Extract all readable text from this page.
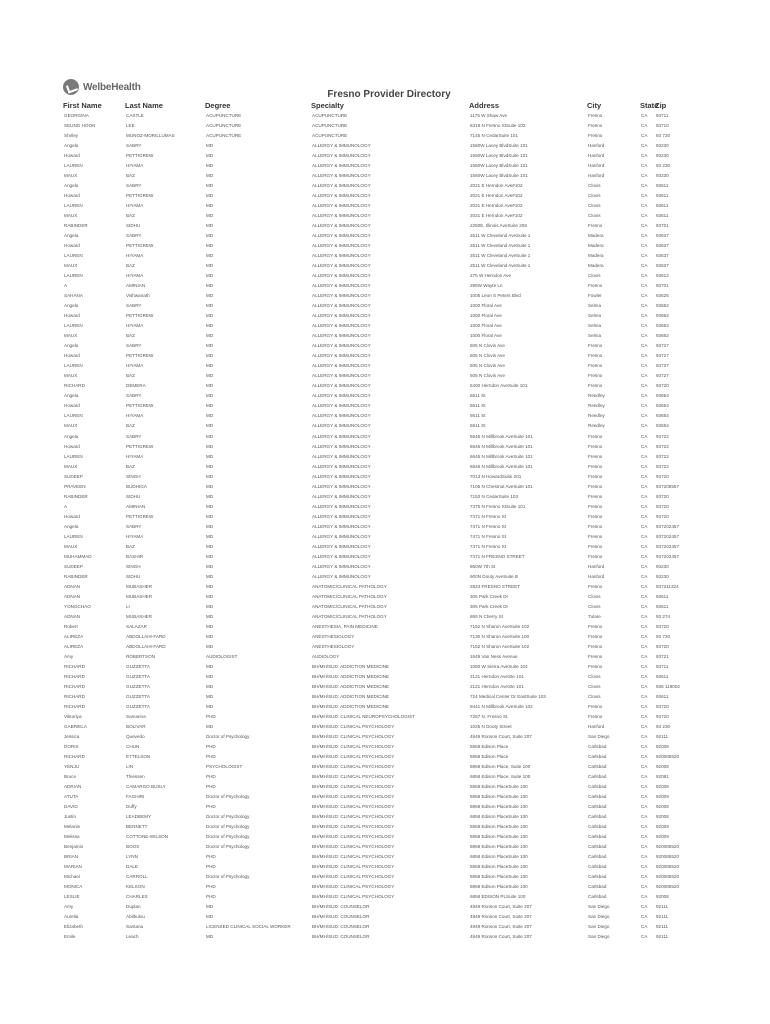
WelbeHealth
Fresno Provider Directory
First Name	Last Name	Degree	Specialty	Address	City	State	Zip
GEORGINA	CASTLE	ACUPUNCTURE	ACUPUNCTURE	1175 W Shaw Ave	Fresno	CA	93711
SEUNG HOON	LEE	ACUPUNCTURE	ACUPUNCTURE	6319 N Fresno StSuite 102	Fresno	CA	93710
Shirley	MUNOZ-MORILLUMAS	ACUPUNCTURE	ACUPUNCTURE	7145 N CedarSuite 101	Fresno	CA	93 720
Angela	SABRY	MD	ALLERGY & IMMUNOLOGY	1560W Lacey BlvdSuite 101	Hanford	CA	93230
Howard	PETTIGREW	MD	ALLERGY & IMMUNOLOGY	1560W Lacey BlvdSuite 101	Hanford	CA	93230
LAUREN	HIYAMA	MD	ALLERGY & IMMUNOLOGY	1560W Lacey BlvdSuite 101	Hanford	CA	93 230
MAUX	BAZ	MD	ALLERGY & IMMUNOLOGY	1560W Lacey BlvdSuite 101	Hanford	CA	93230
Angela	SABRY	MD	ALLERGY & IMMUNOLOGY	2021 E Herndon Ave#102	Clovis	CA	93611
Howard	PETTIGREW	MD	ALLERGY & IMMUNOLOGY	2021 E Herndon Ave#102	Clovis	CA	93611
LAUREN	HIYAMA	MD	ALLERGY & IMMUNOLOGY	2021 E Herndon Ave#102	Clovis	CA	93611
MAUX	BAZ	MD	ALLERGY & IMMUNOLOGY	2021 E Herndon Ave#102	Clovis	CA	93611
RABINDER	SIDHU	MD	ALLERGY & IMMUNOLOGY	2250E. Illinois AveSuite 206	Fresno	CA	93701
Angela	SABRY	MD	ALLERGY & IMMUNOLOGY	2511 W Cleveland AveSuite 1	Madera	CA	93637
Howard	PETTIGREW	MD	ALLERGY & IMMUNOLOGY	2511 W Cleveland AveSuite 1	Madera	CA	93637
LAUREN	HIYAMA	MD	ALLERGY & IMMUNOLOGY	2511 W Cleveland AveSuite 1	Madera	CA	93637
MAUX	BAZ	MD	ALLERGY & IMMUNOLOGY	2511 W Cleveland AveSuite 1	Madera	CA	93637
LAUREN	HIYAMA	MD	ALLERGY & IMMUNOLOGY	275 W Herndon Ave	Clovis	CA	93612
A	AMINIAN	MD	ALLERGY & IMMUNOLOGY	295W Wayte Ln	Fresno	CA	93701
SAHANA	Vishwanath	MD	ALLERGY & IMMUNOLOGY	1005 Leon S Peters Blvd	Fowler	CA	93625
Angela	SABRY	MD	ALLERGY & IMMUNOLOGY	1000 Floral Ave	Selma	CA	93662
Howard	PETTIGREW	MD	ALLERGY & IMMUNOLOGY	1000 Floral Ave	Selma	CA	93662
LAUREN	HIYAMA	MD	ALLERGY & IMMUNOLOGY	1000 Floral Ave	Selma	CA	93662
MAUX	BAZ	MD	ALLERGY & IMMUNOLOGY	1000 Floral Ave	Selma	CA	93662
Angela	SABRY	MD	ALLERGY & IMMUNOLOGY	505 N Clovis Ave	Fresno	CA	93727
Howard	PETTIGREW	MD	ALLERGY & IMMUNOLOGY	505 N Clovis Ave	Fresno	CA	93727
LAUREN	HIYAMA	MD	ALLERGY & IMMUNOLOGY	505 N Clovis Ave	Fresno	CA	93727
MAUX	BAZ	MD	ALLERGY & IMMUNOLOGY	505 N Clovis Ave	Fresno	CA	93727
RICHARD	DEMERA	MD	ALLERGY & IMMUNOLOGY	5400 Herndon AveSuite 101	Fresno	CA	93720
Angela	SABRY	MD	ALLERGY & IMMUNOLOGY	5611 St	Reedley	CA	93654
Howard	PETTIGREW	MD	ALLERGY & IMMUNOLOGY	5611 St	Reedley	CA	93654
LAUREN	HIYAMA	MD	ALLERGY & IMMUNOLOGY	5611 St	Reedley	CA	93654
MAUX	BAZ	MD	ALLERGY & IMMUNOLOGY	5611 St	Reedley	CA	93654
Angela	SABRY	MD	ALLERGY & IMMUNOLOGY	6645 N Millbrook AveSuite 101	Fresno	CA	93722
Howard	PETTIGREW	MD	ALLERGY & IMMUNOLOGY	6645 N Millbrook AveSuite 101	Fresno	CA	93722
LAUREN	HIYAMA	MD	ALLERGY & IMMUNOLOGY	6645 N Millbrook AveSuite 101	Fresno	CA	93722
MAUX	BAZ	MD	ALLERGY & IMMUNOLOGY	6645 N Millbrook AveSuite 101	Fresno	CA	93722
SUDEEP	SINGH	MD	ALLERGY & IMMUNOLOGY	7013 N HowardSuite 201	Fresno	CA	93720
PRAVEEN	BUDHIGA	MD	ALLERGY & IMMUNOLOGY	7105 N Chestnut AveSuite 101	Fresno	CA	937208557
RABINDER	SIDHU	MD	ALLERGY & IMMUNOLOGY	7153 N CedarSuite 103	Fresno	CA	93720
A	AMINIAN	MD	ALLERGY & IMMUNOLOGY	7375 N Fresno StSuite 101	Fresno	CA	93720
Howard	PETTIGREW	MD	ALLERGY & IMMUNOLOGY	7471 N Fresno St	Fresno	CA	93720
Angela	SABRY	MD	ALLERGY & IMMUNOLOGY	7471 N Fresno St	Fresno	CA	937202457
LAUREN	HIYAMA	MD	ALLERGY & IMMUNOLOGY	7471 N Fresno St	Fresno	CA	937202457
MAUX	BAZ	MD	ALLERGY & IMMUNOLOGY	7471 N Fresno St	Fresno	CA	937202457
MUHAMMAD	BASHIR	MD	ALLERGY & IMMUNOLOGY	7471 N FRESNO STREET	Fresno	CA	937202457
SUDEEP	SINGH	MD	ALLERGY & IMMUNOLOGY	860W 7th St	Hanford	CA	93230
RABINDER	SIDHU	MD	ALLERGY & IMMUNOLOGY	900N Douty AveSuite B	Hanford	CA	93230
ADNAN	MUBASHER	MD	ANATOMIC/CLINICAL PATHOLOGY	2823 FRESNO STREET	Fresno	CA	937211324
ADNAN	MUBASHER	MD	ANATOMIC/CLINICAL PATHOLOGY	305 Park Creek Dr	Clovis	CA	93611
YONGCHAO	LI	MD	ANATOMIC/CLINICAL PATHOLOGY	305 Park Creek Dr	Clovis	CA	93611
ADNAN	MUBASHER	MD	ANATOMIC/CLINICAL PATHOLOGY	869 N Cherry St	Tulare	CA	93 274
Robert	SALAZAR	MD	ANESTHESIA, PAIN MEDICINE	7152 N Sharon AveSuite 102	Fresno	CA	93720
ALIREZA	ABDOLLAHI-FARD	MD	ANESTHESIOLOGY	7130 N Sharon AveSuite 100	Fresno	CA	93 720
ALIREZA	ABDOLLAHI-FARD	MD	ANESTHESIOLOGY	7152 N Sharon AveSuite 102	Fresno	CA	93720
Amy	ROBERTSON	AUDIOLOGIST	AUDIOLOGY	1649 Van Ness Avenue	Fresno	CA	93721
RICHARD	GUZZETTA	MD	BH/MH/SUD: ADDICTION MEDICINE	1060 W Sierra AveSuite 104	Fresno	CA	93711
RICHARD	GUZZETTA	MD	BH/MH/SUD: ADDICTION MEDICINE	2121 Herndon AveSte 101	Clovis	CA	93611
RICHARD	GUZZETTA	MD	BH/MH/SUD: ADDICTION MEDICINE	2121 Herndon AveSte 101	Clovis	CA	936 118002
RICHARD	GUZZETTA	MD	BH/MH/SUD: ADDICTION MEDICINE	724 Medical Center Dr EastSuite 103	Clovis	CA	93611
RICHARD	GUZZETTA	MD	BH/MH/SUD: ADDICTION MEDICINE	9441 N Millbrook AveSuite 102	Fresno	CA	93720
Viktoriya	Samarina	PHD	BH/MH/SUD: CLINICAL NEUROPSYCHOLOGIST	7257 N. Fresno St.	Fresno	CA	93720
GABRIELA	BOLIVAR	MD	BH/MH/SUD: CLINICAL PSYCHOLOGY	1025 N Douty Street	Hanford	CA	93 230
Jessica	Quevedo	Doctor of Psychology	BH/MH/SUD: CLINICAL PSYCHOLOGY	4949 Ronson Court, Suite 207	San Diego	CA	92111
DORIS	CHUN	PHD	BH/MH/SUD: CLINICAL PSYCHOLOGY	5858 Edison Place	Carlsbad	CA	92008
RICHARD	ETTELSON	PHD	BH/MH/SUD: CLINICAL PSYCHOLOGY	5858 Edison Place	Carlsbad	CA	920085520
YENJU	LIN	PSYCHOLOGIST	BH/MH/SUD: CLINICAL PSYCHOLOGY	5858 Edison Place, Suite 100	Carlsbad	CA	92008
Bruce	Thiessen	PHD	BH/MH/SUD: CLINICAL PSYCHOLOGY	5858 Edison Place, Suite 100	Carlsbad	CA	92081
ADRIAN	CAMARGO BUSLY	PHD	BH/MH/SUD: CLINICAL PSYCHOLOGY	5858 Edison PlaceSuite 100	Carlsbad	CA	92008
ATUTA	FAGHIRI	Doctor of Psychology	BH/MH/SUD: CLINICAL PSYCHOLOGY	5858 Edison PlaceSuite 100	Carlsbad	CA	92009
DAVID	Duffy	PHD	BH/MH/SUD: CLINICAL PSYCHOLOGY	5858 Edison PlaceSuite 100	Carlsbad	CA	92008
Justin	LEADBEMY	Doctor of Psychology	BH/MH/SUD: CLINICAL PSYCHOLOGY	5858 Edison PlaceSuite 100	Carlsbad	CA	92008
Melanie	BENNETT	Doctor of Psychology	BH/MH/SUD: CLINICAL PSYCHOLOGY	5858 Edison PlaceSuite 100	Carlsbad	CA	92009
Melissa	COTTONE-WILSON	Doctor of Psychology	BH/MH/SUD: CLINICAL PSYCHOLOGY	5858 Edison PlaceSuite 100	Carlsbad	CA	92009
Benjamin	BOOS	Doctor of Psychology	BH/MH/SUD: CLINICAL PSYCHOLOGY	5858 Edison PlaceSuite 100	Carlsbad	CA	920085520
BRIAN	LYNN	PHD	BH/MH/SUD: CLINICAL PSYCHOLOGY	5858 Edison PlaceSuite 100	Carlsbad	CA	920085520
MARIAN	DALE	PHD	BH/MH/SUD: CLINICAL PSYCHOLOGY	5858 Edison PlaceSuite 100	Carlsbad	CA	920085520
Michael	CARROLL	Doctor of Psychology	BH/MH/SUD: CLINICAL PSYCHOLOGY	5858 Edison PlaceSuite 100	Carlsbad	CA	920085520
MONICA	KELSON	PHD	BH/MH/SUD: CLINICAL PSYCHOLOGY	5858 Edison PlaceSuite 100	Carlsbad	CA	920085520
LESLIE	CHARLES	PHD	BH/MH/SUD: CLINICAL PSYCHOLOGY	5858 EDISON PLSuite 100	Carlsbad	CA	92008
Amy	Duplan	MD	BH/MH/SUD: COUNSELOR	4949 Ronson Court, Suite 207	San Diego	CA	92111
Aurelia	Abilbulou	MD	BH/MH/SUD: COUNSELOR	4949 Ronson Court, Suite 207	San Diego	CA	92111
Elizabeth	Santana	LICENSED CLINICAL SOCIAL WORKER	BH/MH/SUD: COUNSELOR	4949 Ronson Court, Suite 207	San Diego	CA	92111
Emile	Leach	MD	BH/MH/SUD: COUNSELOR	4949 Ronson Court, Suite 207	San Diego	CA	92111
